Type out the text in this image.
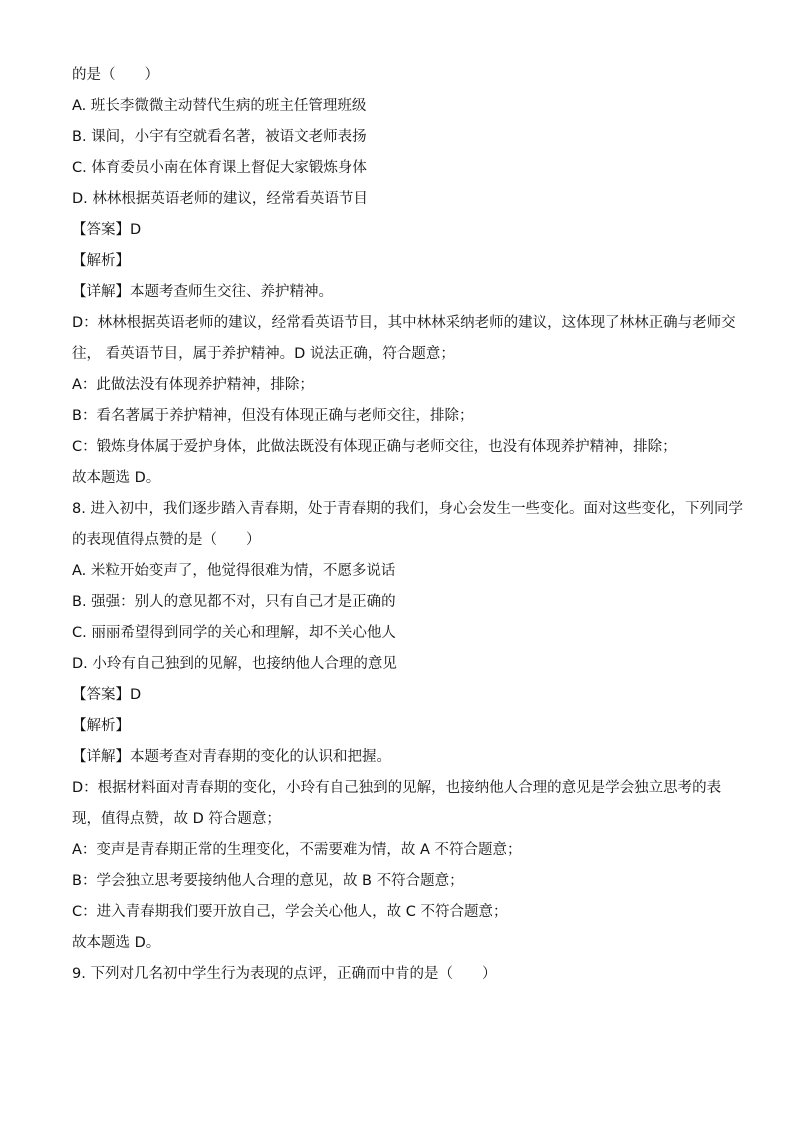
的是（　　）
A. 班长李微微主动替代生病的班主任管理班级
B. 课间，小宇有空就看名著，被语文老师表扬
C. 体育委员小南在体育课上督促大家锻炼身体
D. 林林根据英语老师的建议，经常看英语节目
【答案】D
【解析】
【详解】本题考查师生交往、养护精神。
D：林林根据英语老师的建议，经常看英语节目，其中林林采纳老师的建议，这体现了林林正确与老师交
往， 看英语节目，属于养护精神。D 说法正确，符合题意；
A：此做法没有体现养护精神，排除；
B：看名著属于养护精神，但没有体现正确与老师交往，排除；
C：锻炼身体属于爱护身体，此做法既没有体现正确与老师交往，也没有体现养护精神，排除；
故本题选 D。
8. 进入初中，我们逐步踏入青春期，处于青春期的我们，身心会发生一些变化。面对这些变化，下列同学
的表现值得点赞的是（　　）
A. 米粒开始变声了，他觉得很难为情，不愿多说话
B. 强强：别人的意见都不对，只有自己才是正确的
C. 丽丽希望得到同学的关心和理解，却不关心他人
D. 小玲有自己独到的见解，也接纳他人合理的意见
【答案】D
【解析】
【详解】本题考查对青春期的变化的认识和把握。
D：根据材料面对青春期的变化，小玲有自己独到的见解，也接纳他人合理的意见是学会独立思考的表
现，值得点赞，故 D 符合题意；
A：变声是青春期正常的生理变化，不需要难为情，故 A 不符合题意；
B：学会独立思考要接纳他人合理的意见，故 B 不符合题意；
C：进入青春期我们要开放自己，学会关心他人，故 C 不符合题意；
故本题选 D。
9. 下列对几名初中学生行为表现的点评，正确而中肯的是（　　）
